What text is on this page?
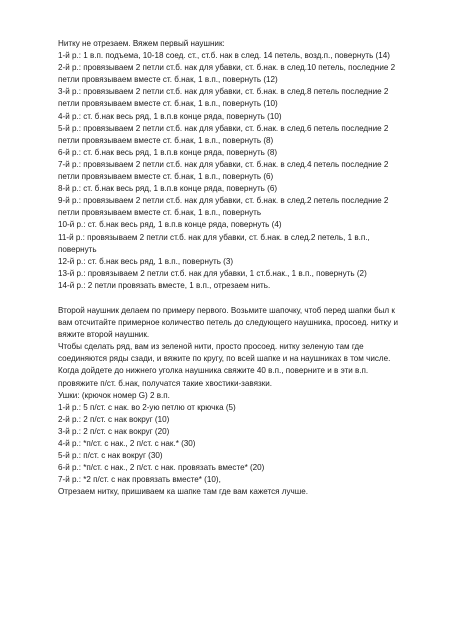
Нитку не отрезаем. Вяжем первый наушник:
1-й р.: 1 в.п. подъема, 10-18 соед. ст., ст.б. нак в след. 14 петель, возд.п., повернуть (14)
2-й р.: провязываем 2 петли ст.б. нак для убавки, ст. б.нак. в след.10 петель, последние 2
петли провязываем вместе ст. б.нак, 1 в.п., повернуть (12)
3-й р.: провязываем 2 петли ст.б. нак для убавки, ст. б.нак. в след.8 петель последние 2
петли провязываем вместе ст. б.нак, 1 в.п., повернуть (10)
4-й р.: ст. б.нак весь ряд, 1 в.п.в конце ряда, повернуть (10)
5-й р.: провязываем 2 петли ст.б. нак для убавки, ст. б.нак. в след.6 петель последние 2
петли провязываем вместе ст. б.нак, 1 в.п., повернуть (8)
6-й р.: ст. б.нак весь ряд, 1 в.п.в конце ряда, повернуть (8)
7-й р.: провязываем 2 петли ст.б. нак для убавки, ст. б.нак. в след.4 петель последние 2
петли провязываем вместе ст. б.нак, 1 в.п., повернуть (6)
8-й р.: ст. б.нак весь ряд, 1 в.п.в конце ряда, повернуть (6)
9-й р.: провязываем 2 петли ст.б. нак для убавки, ст. б.нак. в след.2 петель последние 2
петли провязываем вместе ст. б.нак, 1 в.п., повернуть
10-й р.: ст. б.нак весь ряд, 1 в.п.в конце ряда, повернуть (4)
11-й р.: провязываем 2 петли ст.б. нак для убавки, ст. б.нак. в след.2 петель, 1 в.п.,
повернуть
12-й р.: ст. б.нак весь ряд, 1 в.п., повернуть (3)
13-й р.: провязываем 2 петли ст.б. нак для убавки, 1 ст.б.нак., 1 в.п., повернуть (2)
14-й р.: 2 петли провязать вместе, 1 в.п., отрезаем нить.
Второй наушник делаем по примеру первого. Возьмите шапочку, чтоб перед шапки был к
вам отсчитайте примерное количество петель до следующего наушника, просоед. нитку и
вяжите второй наушник.
Чтобы сделать ряд, вам из зеленой нити, просто просоед. нитку зеленую там где
соединяются ряды сзади, и вяжите по кругу, по всей шапке и на наушниках в том числе.
Когда дойдете до нижнего уголка наушника свяжите 40 в.п., поверните и в эти в.п.
провяжите п/ст. б.нак, получатся такие хвостики-завязки.
Ушки: (крючок номер G) 2 в.п.
1-й р.: 5 п/ст. с нак. во 2-ую петлю от крючка (5)
2-й р.: 2 п/ст. с нак вокруг (10)
3-й р.: 2 п/ст. с нак вокруг (20)
4-й р.: *п/ст. с нак., 2 п/ст. с нак.* (30)
5-й р.: п/ст. с нак вокруг (30)
6-й р.: *п/ст. с нак., 2 п/ст. с нак. провязать вместе* (20)
7-й р.: *2 п/ст. с нак провязать вместе* (10),
Отрезаем нитку, пришиваем ка шапке там где вам кажется лучше.
